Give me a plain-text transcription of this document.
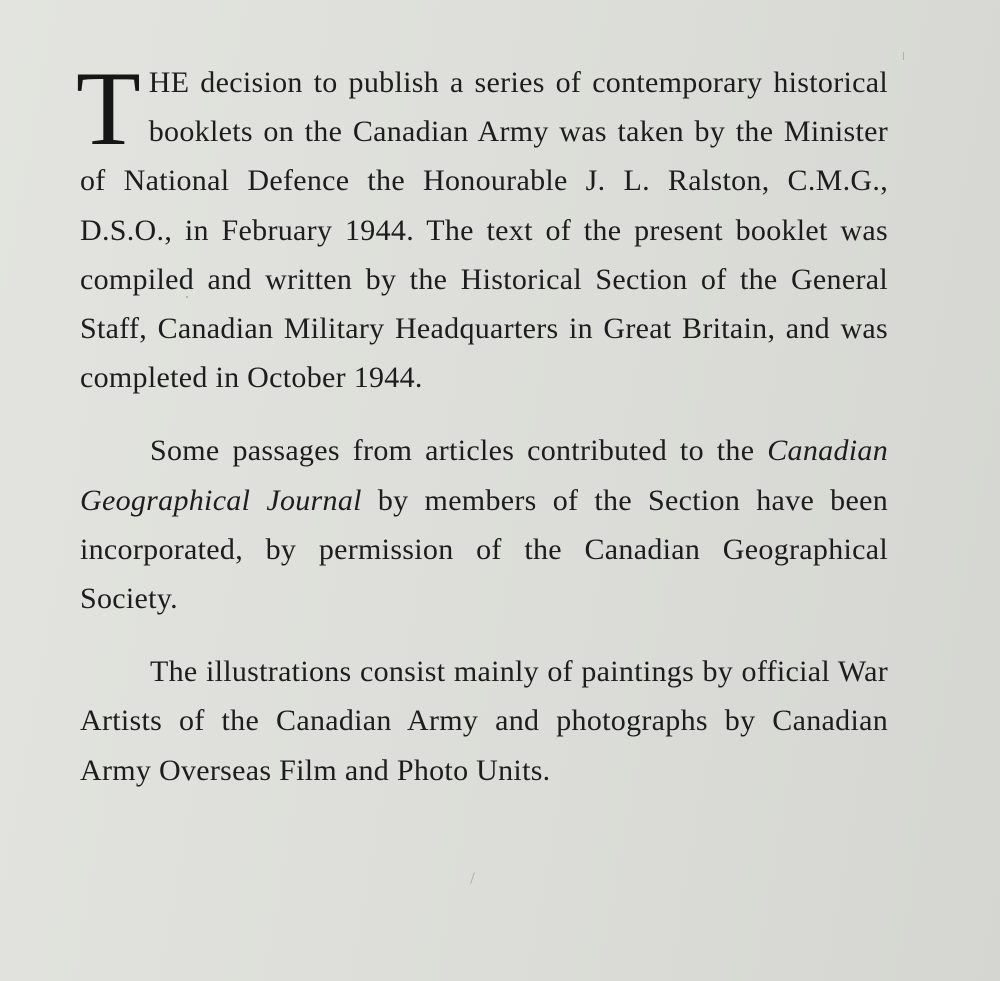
THE decision to publish a series of contemporary historical booklets on the Canadian Army was taken by the Minister of National Defence the Honourable J. L. Ralston, C.M.G., D.S.O., in February 1944. The text of the present booklet was compiled and written by the Historical Section of the General Staff, Canadian Military Headquarters in Great Britain, and was completed in October 1944.

Some passages from articles contributed to the Canadian Geographical Journal by members of the Section have been incorporated, by permission of the Canadian Geographical Society.

The illustrations consist mainly of paintings by official War Artists of the Canadian Army and photographs by Canadian Army Overseas Film and Photo Units.
